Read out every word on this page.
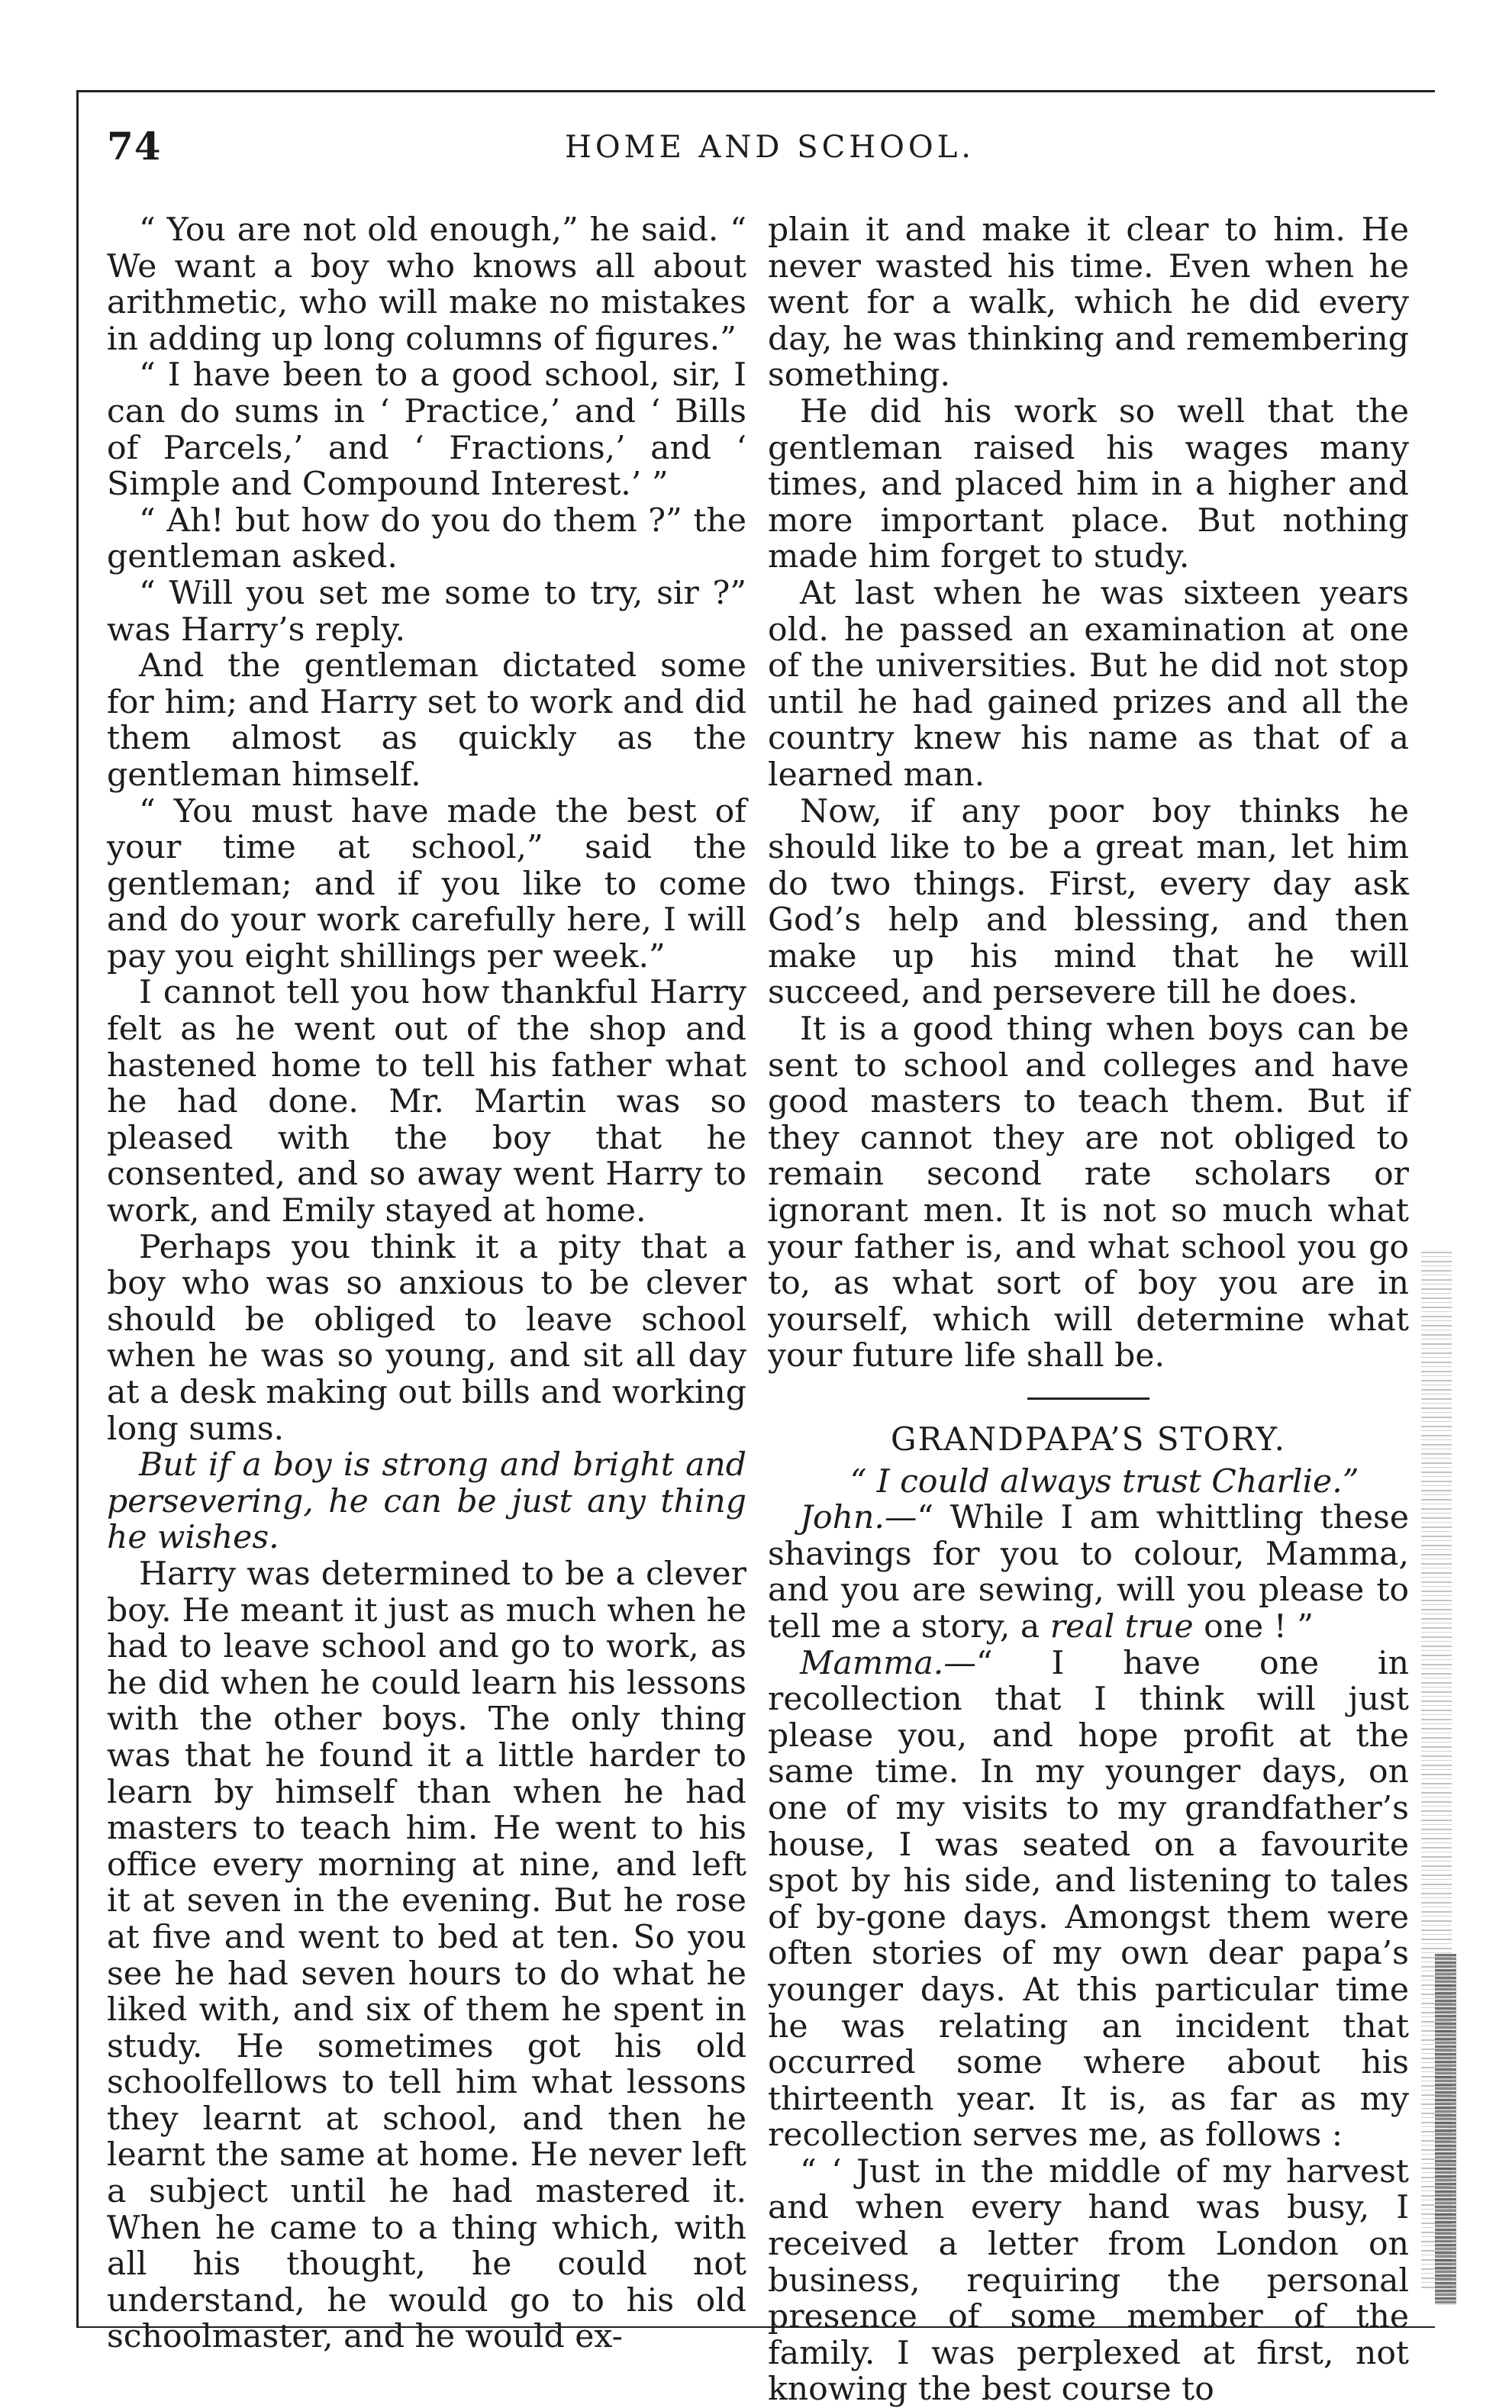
74	HOME AND SCHOOL.

“ You are not old enough,” he said. “ We want a boy who knows all about arithmetic, who will make no mistakes in adding up long columns of figures.”

“ I have been to a good school, sir, I can do sums in ‘ Practice,’ and ‘ Bills of Parcels,’ and ‘ Fractions,’ and ‘ Simple and Compound Interest.’ ”

“ Ah! but how do you do them ?” the gentleman asked.

“ Will you set me some to try, sir ?” was Harry’s reply.

And the gentleman dictated some for him; and Harry set to work and did them almost as quickly as the gentleman himself.

“ You must have made the best of your time at school,” said the gentleman; and if you like to come and do your work carefully here, I will pay you eight shillings per week.”

I cannot tell you how thankful Harry felt as he went out of the shop and hastened home to tell his father what he had done. Mr. Martin was so pleased with the boy that he consented, and so away went Harry to work, and Emily stayed at home.

Perhaps you think it a pity that a boy who was so anxious to be clever should be obliged to leave school when he was so young, and sit all day at a desk making out bills and working long sums.

But if a boy is strong and bright and persevering, he can be just any thing he wishes.

Harry was determined to be a clever boy. He meant it just as much when he had to leave school and go to work, as he did when he could learn his lessons with the other boys. The only thing was that he found it a little harder to learn by himself than when he had masters to teach him. He went to his office every morning at nine, and left it at seven in the evening. But he rose at five and went to bed at ten. So you see he had seven hours to do what he liked with, and six of them he spent in study. He sometimes got his old schoolfellows to tell him what lessons they learnt at school, and then he learnt the same at home. He never left a subject until he had mastered it. When he came to a thing which, with all his thought, he could not understand, he would go to his old schoolmaster, and he would ex-

plain it and make it clear to him. He never wasted his time. Even when he went for a walk, which he did every day, he was thinking and remembering something.

He did his work so well that the gentleman raised his wages many times, and placed him in a higher and more important place. But nothing made him forget to study.

At last when he was sixteen years old. he passed an examination at one of the universities. But he did not stop until he had gained prizes and all the country knew his name as that of a learned man.

Now, if any poor boy thinks he should like to be a great man, let him do two things. First, every day ask God’s help and blessing, and then make up his mind that he will succeed, and persevere till he does.

It is a good thing when boys can be sent to school and colleges and have good masters to teach them. But if they cannot they are not obliged to remain second rate scholars or ignorant men. It is not so much what your father is, and what school you go to, as what sort of boy you are in yourself, which will determine what your future life shall be.

GRANDPAPA’S STORY.

“ I could always trust Charlie.”

John.—“ While I am whittling these shavings for you to colour, Mamma, and you are sewing, will you please to tell me a story, a real true one ! ”

Mamma.—“ I have one in recollection that I think will just please you, and hope profit at the same time. In my younger days, on one of my visits to my grandfather’s house, I was seated on a favourite spot by his side, and listening to tales of by-gone days. Amongst them were often stories of my own dear papa’s younger days. At this particular time he was relating an incident that occurred some where about his thirteenth year. It is, as far as my recollection serves me, as follows :

“ ‘ Just in the middle of my harvest and when every hand was busy, I received a letter from London on business, requiring the personal presence of some member of the family. I was perplexed at first, not knowing the best course to
